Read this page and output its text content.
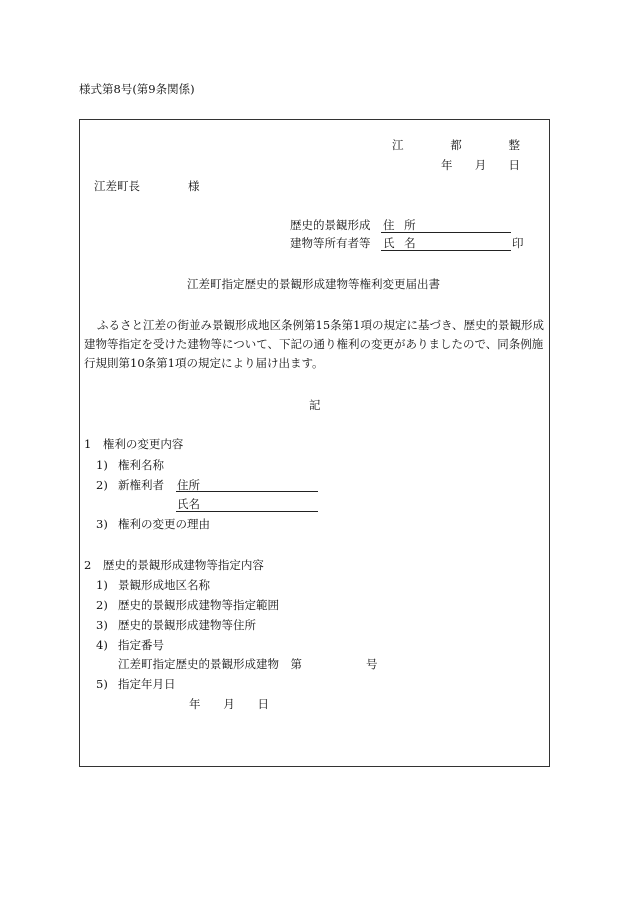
様式第8号(第9条関係)
江	都	整
年 月 日
江差町長	様
歴史的景観形成 住 所
建物等所有者等 氏 名	印
江差町指定歴史的景観形成建物等権利変更届出書
ふるさと江差の街並み景観形成地区条例第15条第1項の規定に基づき、歴史的景観形成
建物等指定を受けた建物等について、下記の通り権利の変更がありましたので、同条例施
行規則第10条第1項の規定により届け出ます。
記
1　権利の変更内容
1) 権利名称
2) 新権利者 住所
氏名
3) 権利の変更の理由
2　歴史的景観形成建物等指定内容
1) 景観形成地区名称
2) 歴史的景観形成建物等指定範囲
3) 歴史的景観形成建物等住所
4) 指定番号
江差町指定歴史的景観形成建物　第	号
5) 指定年月日
年 月 日
